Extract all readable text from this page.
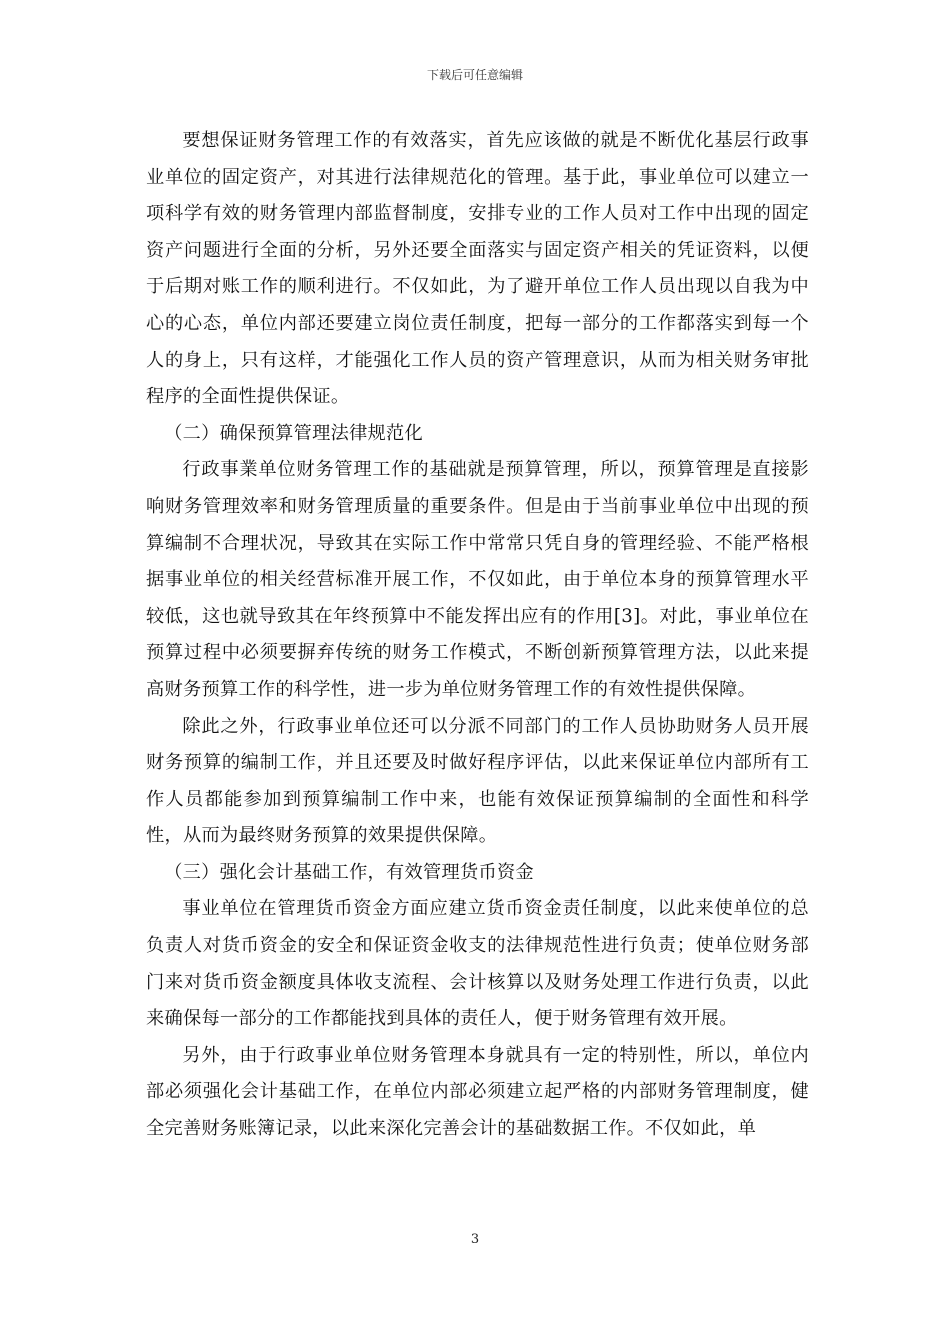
下载后可任意编辑

要想保证财务管理工作的有效落实，首先应该做的就是不断优化基层行政事业单位的固定资产，对其进行法律规范化的管理。基于此，事业单位可以建立一项科学有效的财务管理内部监督制度，安排专业的工作人员对工作中出现的固定资产问题进行全面的分析，另外还要全面落实与固定资产相关的凭证资料，以便于后期对账工作的顺利进行。不仅如此，为了避开单位工作人员出现以自我为中心的心态，单位内部还要建立岗位责任制度，把每一部分的工作都落实到每一个人的身上，只有这样，才能强化工作人员的资产管理意识，从而为相关财务审批程序的全面性提供保证。

（二）确保预算管理法律规范化

行政事業单位财务管理工作的基础就是预算管理，所以，预算管理是直接影响财务管理效率和财务管理质量的重要条件。但是由于当前事业单位中出现的预算编制不合理状况，导致其在实际工作中常常只凭自身的管理经验、不能严格根据事业单位的相关经营标准开展工作，不仅如此，由于单位本身的预算管理水平较低，这也就导致其在年终预算中不能发挥出应有的作用[3]。对此，事业单位在预算过程中必须要摒弃传统的财务工作模式，不断创新预算管理方法，以此来提高财务预算工作的科学性，进一步为单位财务管理工作的有效性提供保障。

除此之外，行政事业单位还可以分派不同部门的工作人员协助财务人员开展财务预算的编制工作，并且还要及时做好程序评估，以此来保证单位内部所有工作人员都能参加到预算编制工作中来，也能有效保证预算编制的全面性和科学性，从而为最终财务预算的效果提供保障。

（三）强化会计基础工作，有效管理货币资金

事业单位在管理货币资金方面应建立货币资金责任制度，以此来使单位的总负责人对货币资金的安全和保证资金收支的法律规范性进行负责；使单位财务部门来对货币资金额度具体收支流程、会计核算以及财务处理工作进行负责，以此来确保每一部分的工作都能找到具体的责任人，便于财务管理有效开展。

另外，由于行政事业单位财务管理本身就具有一定的特别性，所以，单位内部必须强化会计基础工作，在单位内部必须建立起严格的内部财务管理制度，健全完善财务账簿记录，以此来深化完善会计的基础数据工作。不仅如此，单

3
